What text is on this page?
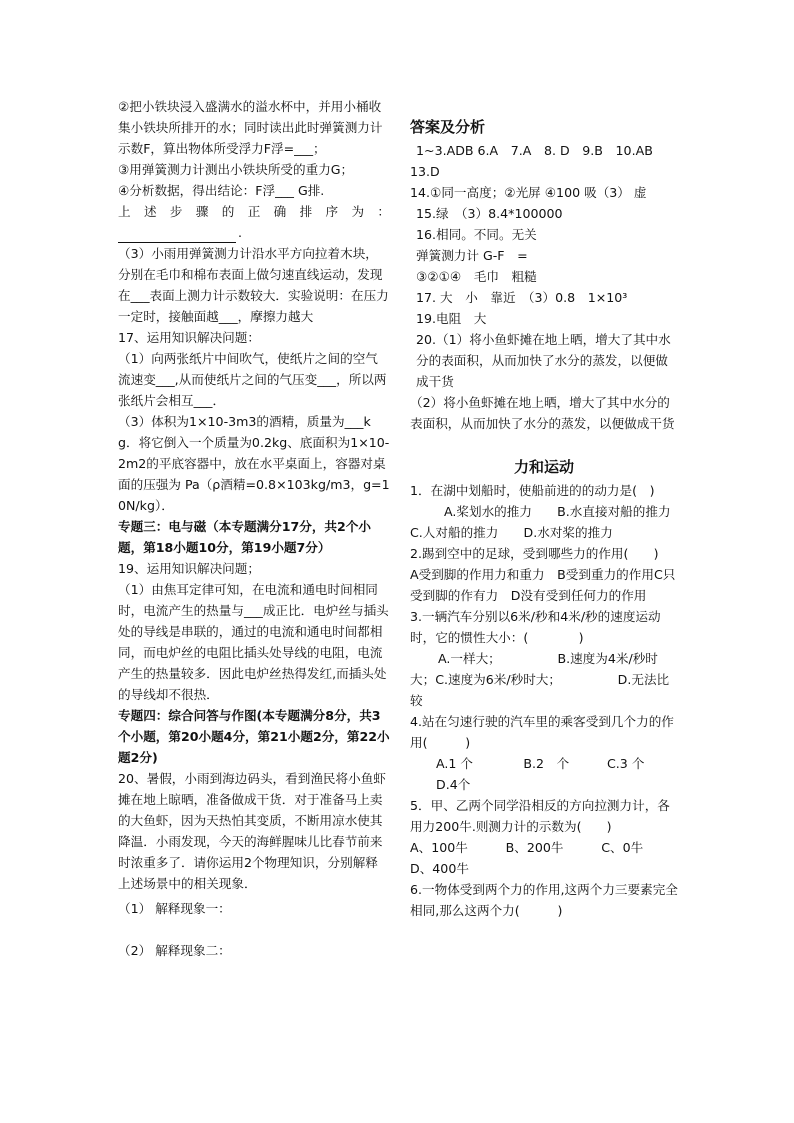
②把小铁块浸入盛满水的溢水杯中，并用小桶收集小铁块所排开的水；同时读出此时弹簧测力计示数F，算出物体所受浮力F浮=___；

③用弹簧测力计测出小铁块所受的重力G；

④分析数据，得出结论：F浮___ G排.

上述步骤的正确排序为：

.

（3）小雨用弹簧测力计沿水平方向拉着木块，分别在毛巾和棉布表面上做匀速直线运动，发现在___表面上测力计示数较大．实验说明：在压力一定时，接触面越___，摩擦力越大

17、运用知识解决问题：

（1）向两张纸片中间吹气，使纸片之间的空气流速变___,从而使纸片之间的气压变___，所以两张纸片会相互___．

（3）体积为1×10-3m3的酒精，质量为___kg．将它倒入一个质量为0.2kg、底面积为1×10-2m2的平底容器中，放在水平桌面上，容器对桌面的压强为 Pa（ρ酒精=0.8×103kg/m3，g=10N/kg）．

专题三：电与磁（本专题满分17分，共2个小题，第18小题10分，第19小题7分）

19、运用知识解决问题；

（1）由焦耳定律可知，在电流和通电时间相同时，电流产生的热量与___成正比．电炉丝与插头处的导线是串联的，通过的电流和通电时间都相同，而电炉丝的电阻比插头处导线的电阻，电流产生的热量较多．因此电炉丝热得发红,而插头处的导线却不很热．

专题四：综合问答与作图(本专题满分8分，共3个小题，第20小题4分，第21小题2分，第22小题2分)

20、暑假，小雨到海边码头，看到渔民将小鱼虾摊在地上晾晒，准备做成干货．对于准备马上卖的大鱼虾，因为天热怕其变质，不断用凉水使其降温．小雨发现，今天的海鲜腥味儿比春节前来时浓重多了．请你运用2个物理知识，分别解释上述场景中的相关现象．

（1） 解释现象一：

（2） 解释现象二：

答案及分析

1~3.ADB 6.A　7.A　8. D　9.B　10.AB

13.D

14.①同一高度；②光屏 ④100 吸（3） 虚

15.绿　（3）8.4*100000

16.相同。不同。无关

弹簧测力计 G-F　=

③②①④　毛巾　粗糙

17. 大　小　靠近　（3）0.8　1×10³

19.电阻　大

20.（1）将小鱼虾摊在地上晒，增大了其中水分的表面积，从而加快了水分的蒸发，以便做成干货

（2）将小鱼虾摊在地上晒，增大了其中水分的表面积，从而加快了水分的蒸发，以便做成干货

力和运动

1．在湖中划船时，使船前进的的动力是(　)

A.桨划水的推力　　B.水直接对船的推力　C.人对船的推力　　D.水对桨的推力

2.踢到空中的足球，受到哪些力的作用(　　)

A受到脚的作用力和重力　B受到重力的作用C只受到脚的作有力　D没有受到任何力的作用

3.一辆汽车分别以6米/秒和4米/秒的速度运动时，它的惯性大小：(　　　　)

A.一样大；　　　　　B.速度为4米/秒时大；C.速度为6米/秒时大；　　　　　D.无法比较

4.站在匀速行驶的汽车里的乘客受到几个力的作用(　　　)

A.1 个　　　　B.2　个　　　C.3 个　　D.4个

5．甲、乙两个同学沿相反的方向拉测力计，各用力200牛.则测力计的示数为(　　)

A、100牛　　　B、200牛　　　C、0牛　　　D、400牛

6.一物体受到两个力的作用,这两个力三要素完全相同,那么这两个力(　　　)
